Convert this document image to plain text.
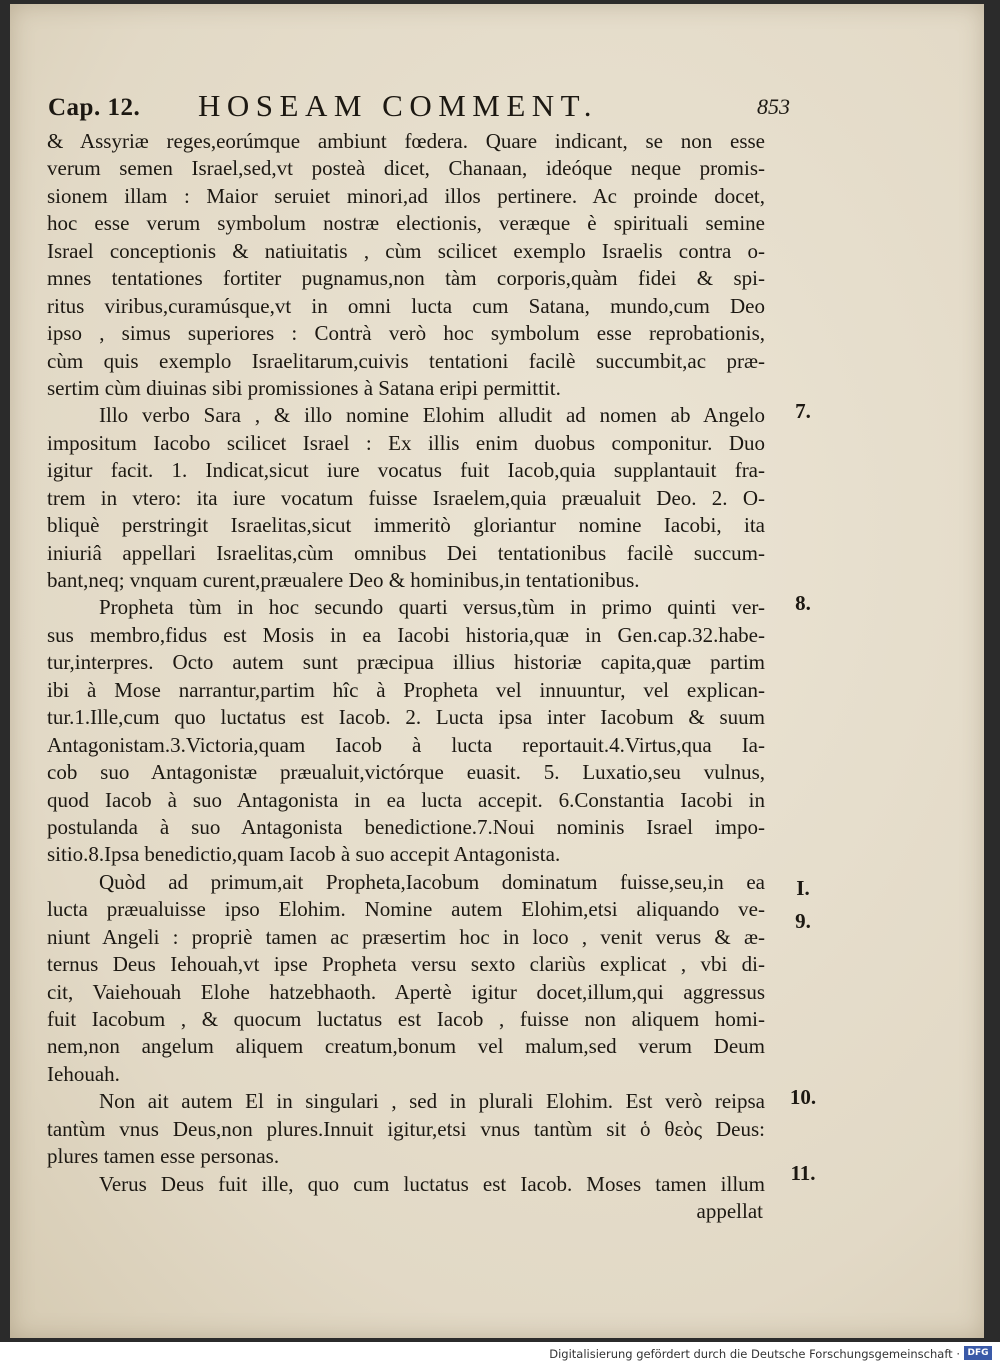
Cap. 12. HOSEAM COMMENT.	853
& Assyriæ reges,eorúmque ambiunt fœdera. Quare indicant, se non esse
verum semen Israel,sed,vt posteà dicet, Chanaan, ideóque neque promis-
sionem illam : Maior seruiet minori,ad illos pertinere. Ac proinde docet,
hoc esse verum symbolum nostræ electionis, veræque è spirituali semine
Israel conceptionis & natiuitatis , cùm scilicet exemplo Israelis contra o-
mnes tentationes fortiter pugnamus,non tàm corporis,quàm fidei & spi-
ritus viribus,curamúsque,vt in omni lucta cum Satana, mundo,cum Deo
ipso , simus superiores : Contrà verò hoc symbolum esse reprobationis,
cùm quis exemplo Israelitarum,cuivis tentationi facilè succumbit,ac præ-
sertim cùm diuinas sibi promissiones à Satana eripi permittit.
Illo verbo Sara , & illo nomine Elohim alludit ad nomen ab Angelo
impositum Iacobo scilicet Israel : Ex illis enim duobus componitur. Duo
igitur facit. 1. Indicat,sicut iure vocatus fuit Iacob,quia supplantauit fra-
trem in vtero: ita iure vocatum fuisse Israelem,quia præualuit Deo. 2. O-
bliquè perstringit Israelitas,sicut immeritò gloriantur nomine Iacobi, ita
iniuriâ appellari Israelitas,cùm omnibus Dei tentationibus facilè succum-
bant,neq; vnquam curent,præualere Deo & hominibus,in tentationibus.
Propheta tùm in hoc secundo quarti versus,tùm in primo quinti ver-
sus membro,fidus est Mosis in ea Iacobi historia,quæ in Gen.cap.32.habe-
tur,interpres. Octo autem sunt præcipua illius historiæ capita,quæ partim
ibi à Mose narrantur,partim hîc à Propheta vel innuuntur, vel explican-
tur.1.Ille,cum quo luctatus est Iacob. 2. Lucta ipsa inter Iacobum & suum
Antagonistam.3.Victoria,quam Iacob à lucta reportauit.4.Virtus,qua Ia-
cob suo Antagonistæ præualuit,victórque euasit. 5. Luxatio,seu vulnus,
quod Iacob à suo Antagonista in ea lucta accepit. 6.Constantia Iacobi in
postulanda à suo Antagonista benedictione.7.Noui nominis Israel impo-
sitio.8.Ipsa benedictio,quam Iacob à suo accepit Antagonista.
Quòd ad primum,ait Propheta,Iacobum dominatum fuisse,seu,in ea
lucta præualuisse ipso Elohim. Nomine autem Elohim,etsi aliquando ve-
niunt Angeli : propriè tamen ac præsertim hoc in loco , venit verus & æ-
ternus Deus Iehouah,vt ipse Propheta versu sexto clariùs explicat , vbi di-
cit, Vaiehouah Elohe hatzebhaoth. Apertè igitur docet,illum,qui aggressus
fuit Iacobum , & quocum luctatus est Iacob , fuisse non aliquem homi-
nem,non angelum aliquem creatum,bonum vel malum,sed verum Deum
Iehouah.
Non ait autem El in singulari , sed in plurali Elohim. Est verò reipsa
tantùm vnus Deus,non plures.Innuit igitur,etsi vnus tantùm sit ὁ θεὸς Deus:
plures tamen esse personas.
Verus Deus fuit ille, quo cum luctatus est Iacob. Moses tamen illum
appellat
7.
8.
I.
9.
10.
11.
Digitalisierung gefördert durch die Deutsche Forschungsgemeinschaft · DFG
